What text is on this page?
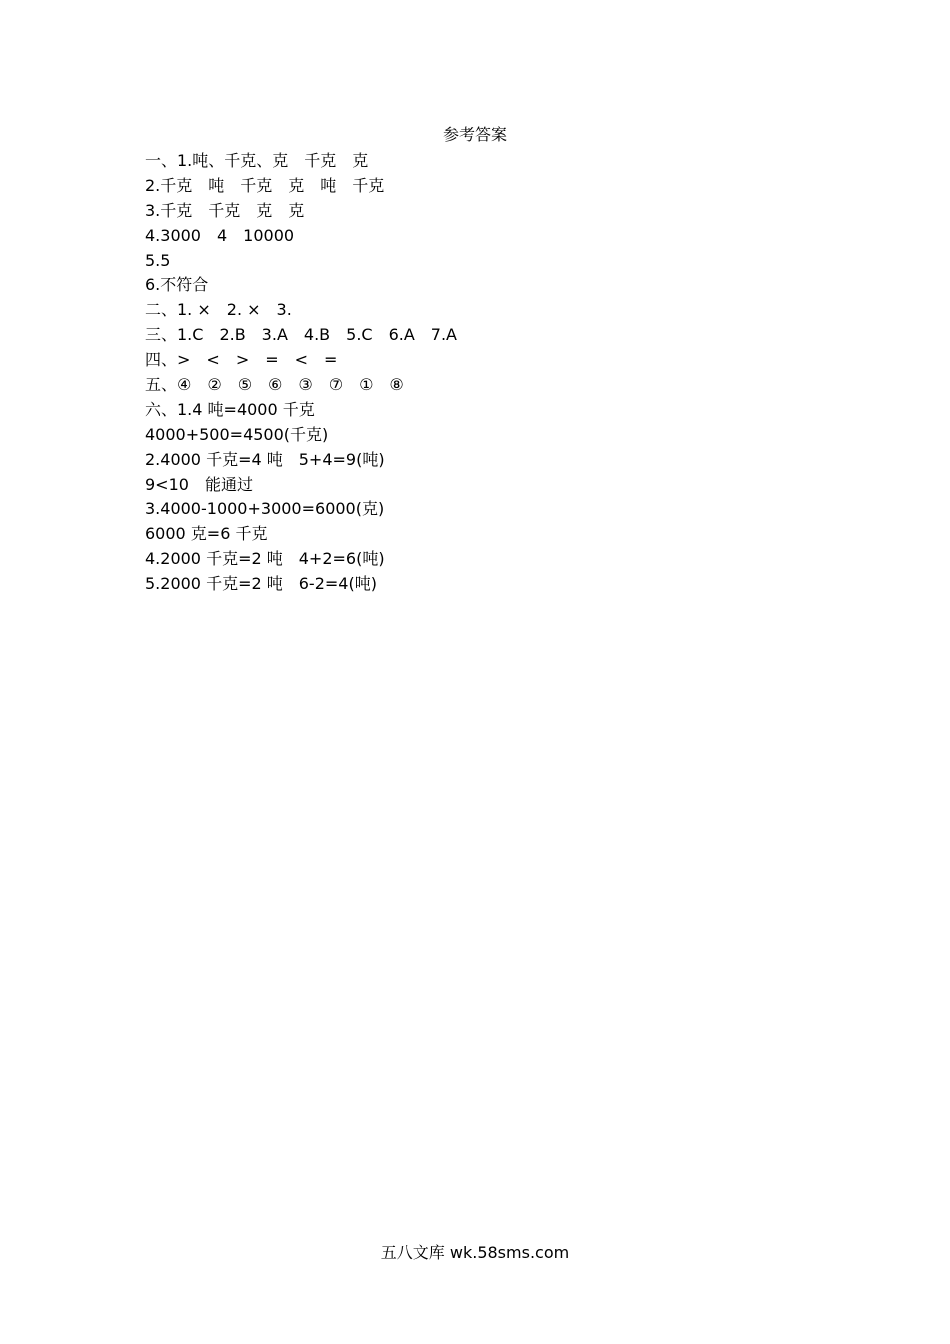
参考答案
一、1.吨、千克、克　千克　克
2.千克　吨　千克　克　吨　千克
3.千克　千克　克　克
4.3000　4　10000
5.5
6.不符合
二、1. ×　2. ×　3.
三、1.C　2.B　3.A　4.B　5.C　6.A　7.A
四、>　<　>　=　<　=
五、④　②　⑤　⑥　③　⑦　①　⑧
六、1.4 吨=4000 千克
4000+500=4500(千克)
2.4000 千克=4 吨　5+4=9(吨)
9<10　能通过
3.4000-1000+3000=6000(克)
6000 克=6 千克
4.2000 千克=2 吨　4+2=6(吨)
5.2000 千克=2 吨　6-2=4(吨)
五八文库 wk.58sms.com
